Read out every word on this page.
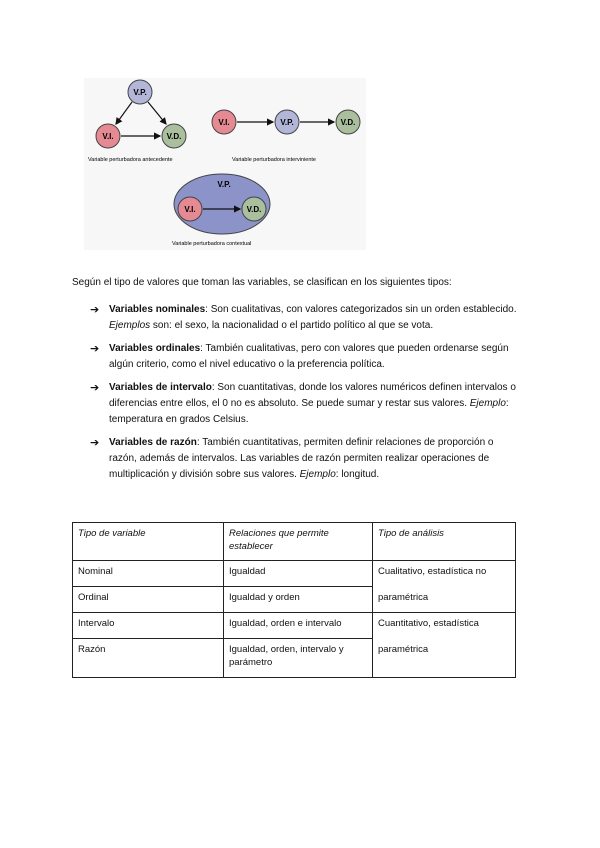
V.P.
V.I.	V.D.
Variable perturbadora antecedente
V.I.	V.P.	V.D.
Variable perturbadora interviniente
V.P.
V.I.	V.D.
Variable perturbadora contextual
Según el tipo de valores que toman las variables, se clasifican en los siguientes tipos:
➔ Variables nominales: Son cualitativas, con valores categorizados sin un orden establecido. Ejemplos son: el sexo, la nacionalidad o el partido político al que se vota.
➔ Variables ordinales: También cualitativas, pero con valores que pueden ordenarse según algún criterio, como el nivel educativo o la preferencia política.
➔ Variables de intervalo: Son cuantitativas, donde los valores numéricos definen intervalos o diferencias entre ellos, el 0 no es absoluto. Se puede sumar y restar sus valores. Ejemplo: temperatura en grados Celsius.
➔ Variables de razón: También cuantitativas, permiten definir relaciones de proporción o razón, además de intervalos. Las variables de razón permiten realizar operaciones de multiplicación y división sobre sus valores. Ejemplo: longitud.
Tipo de variable	Relaciones que permite establecer	Tipo de análisis
Nominal	Igualdad	Cualitativo, estadística no
Ordinal	Igualdad y orden	paramétrica
Intervalo	Igualdad, orden e intervalo	Cuantitativo, estadística
Razón	Igualdad, orden, intervalo y parámetro	paramétrica
